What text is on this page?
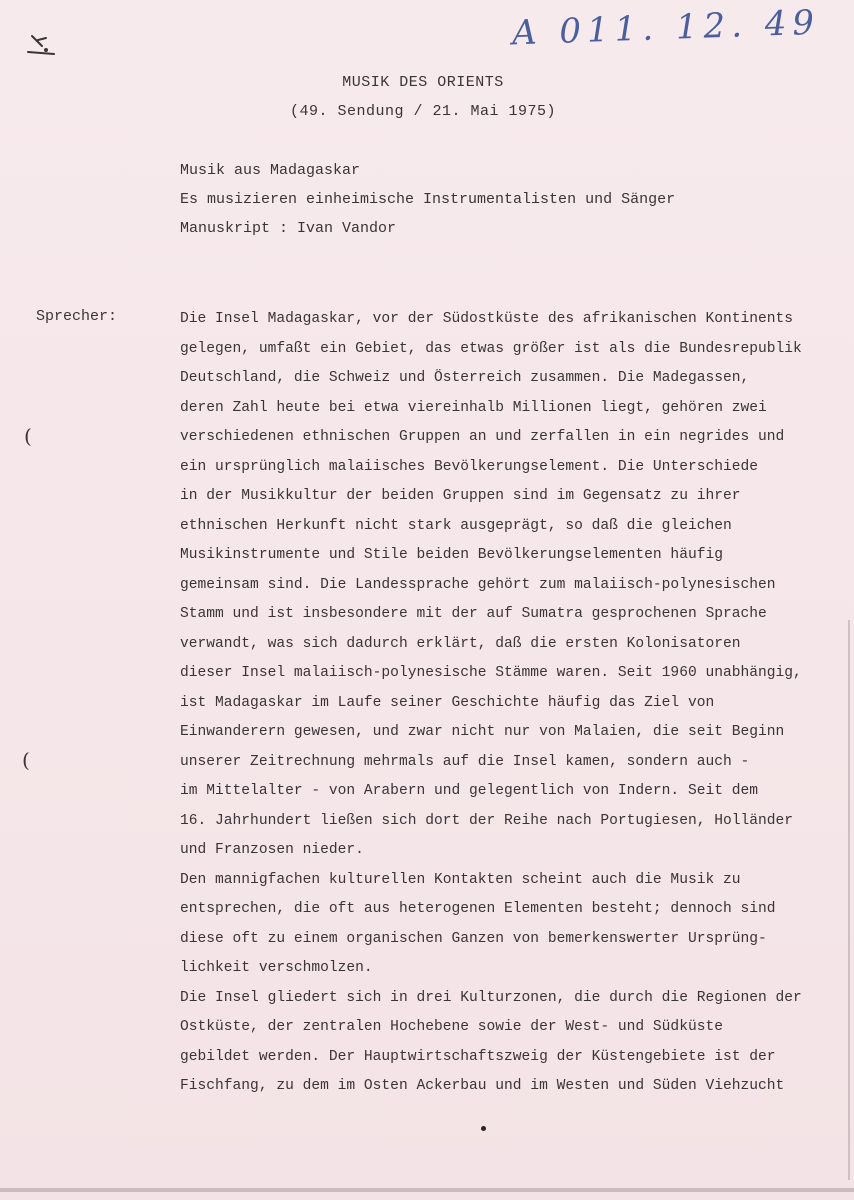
A 011. 12. 49
MUSIK DES ORIENTS
(49. Sendung / 21. Mai 1975)
Musik aus Madagaskar
Es musizieren einheimische Instrumentalisten und Sänger
Manuskript : Ivan Vandor
Sprecher:
(
(
Die Insel Madagaskar, vor der Südostküste des afrikanischen Kontinents
gelegen, umfaßt ein Gebiet, das etwas größer ist als die Bundesrepublik
Deutschland, die Schweiz und Österreich zusammen. Die Madegassen,
deren Zahl heute bei etwa viereinhalb Millionen liegt, gehören zwei
verschiedenen ethnischen Gruppen an und zerfallen in ein negrides und
ein ursprünglich malaiisches Bevölkerungselement. Die Unterschiede
in der Musikkultur der beiden Gruppen sind im Gegensatz zu ihrer
ethnischen Herkunft nicht stark ausgeprägt, so daß die gleichen
Musikinstrumente und Stile beiden Bevölkerungselementen häufig
gemeinsam sind. Die Landessprache gehört zum malaiisch-polynesischen
Stamm und ist insbesondere mit der auf Sumatra gesprochenen Sprache
verwandt, was sich dadurch erklärt, daß die ersten Kolonisatoren
dieser Insel malaiisch-polynesische Stämme waren. Seit 1960 unabhängig,
ist Madagaskar im Laufe seiner Geschichte häufig das Ziel von
Einwanderern gewesen, und zwar nicht nur von Malaien, die seit Beginn
unserer Zeitrechnung mehrmals auf die Insel kamen, sondern auch -
im Mittelalter - von Arabern und gelegentlich von Indern. Seit dem
16. Jahrhundert ließen sich dort der Reihe nach Portugiesen, Holländer
und Franzosen nieder.
Den mannigfachen kulturellen Kontakten scheint auch die Musik zu
entsprechen, die oft aus heterogenen Elementen besteht; dennoch sind
diese oft zu einem organischen Ganzen von bemerkenswerter Ursprüng-
lichkeit verschmolzen.
Die Insel gliedert sich in drei Kulturzonen, die durch die Regionen der
Ostküste, der zentralen Hochebene sowie der West- und Südküste
gebildet werden. Der Hauptwirtschaftszweig der Küstengebiete ist der
Fischfang, zu dem im Osten Ackerbau und im Westen und Süden Viehzucht
